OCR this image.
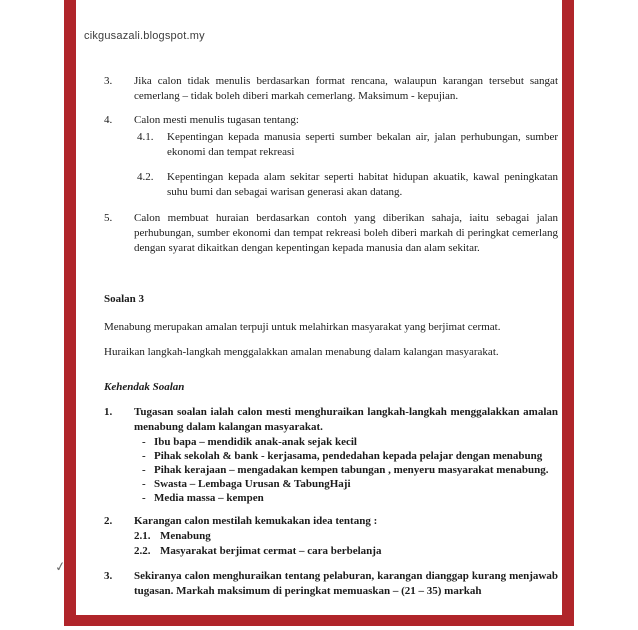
cikgusazali.blogspot.my
✓
3.	Jika calon tidak menulis berdasarkan format rencana, walaupun karangan tersebut sangat cemerlang – tidak boleh diberi markah cemerlang. Maksimum - kepujian.
4.	Calon mesti menulis tugasan tentang:
4.1.	Kepentingan kepada manusia seperti sumber bekalan air, jalan perhubungan, sumber ekonomi dan tempat rekreasi
4.2.	Kepentingan kepada alam sekitar seperti habitat hidupan akuatik, kawal peningkatan suhu bumi dan sebagai warisan generasi akan datang.
5.	Calon membuat huraian berdasarkan contoh yang diberikan sahaja, iaitu sebagai jalan perhubungan, sumber ekonomi dan tempat rekreasi boleh diberi markah di peringkat cemerlang dengan syarat dikaitkan dengan kepentingan kepada manusia dan alam sekitar.
Soalan 3

Menabung merupakan amalan terpuji untuk melahirkan masyarakat yang berjimat cermat.

Huraikan langkah-langkah menggalakkan amalan menabung dalam kalangan masyarakat.

Kehendak Soalan
1.	Tugasan soalan ialah calon mesti menghuraikan langkah-langkah menggalakkan amalan menabung dalam kalangan masyarakat.
- Ibu bapa – mendidik anak-anak sejak kecil
- Pihak sekolah & bank - kerjasama, pendedahan kepada pelajar dengan menabung
- Pihak kerajaan – mengadakan kempen tabungan , menyeru masyarakat menabung.
- Swasta – Lembaga Urusan & TabungHaji
- Media massa – kempen
2.	Karangan calon mestilah kemukakan idea tentang :
2.1. Menabung
2.2. Masyarakat berjimat cermat – cara berbelanja
3.	Sekiranya calon menghuraikan tentang pelaburan, karangan dianggap kurang menjawab tugasan. Markah maksimum di peringkat memuaskan – (21 – 35) markah
